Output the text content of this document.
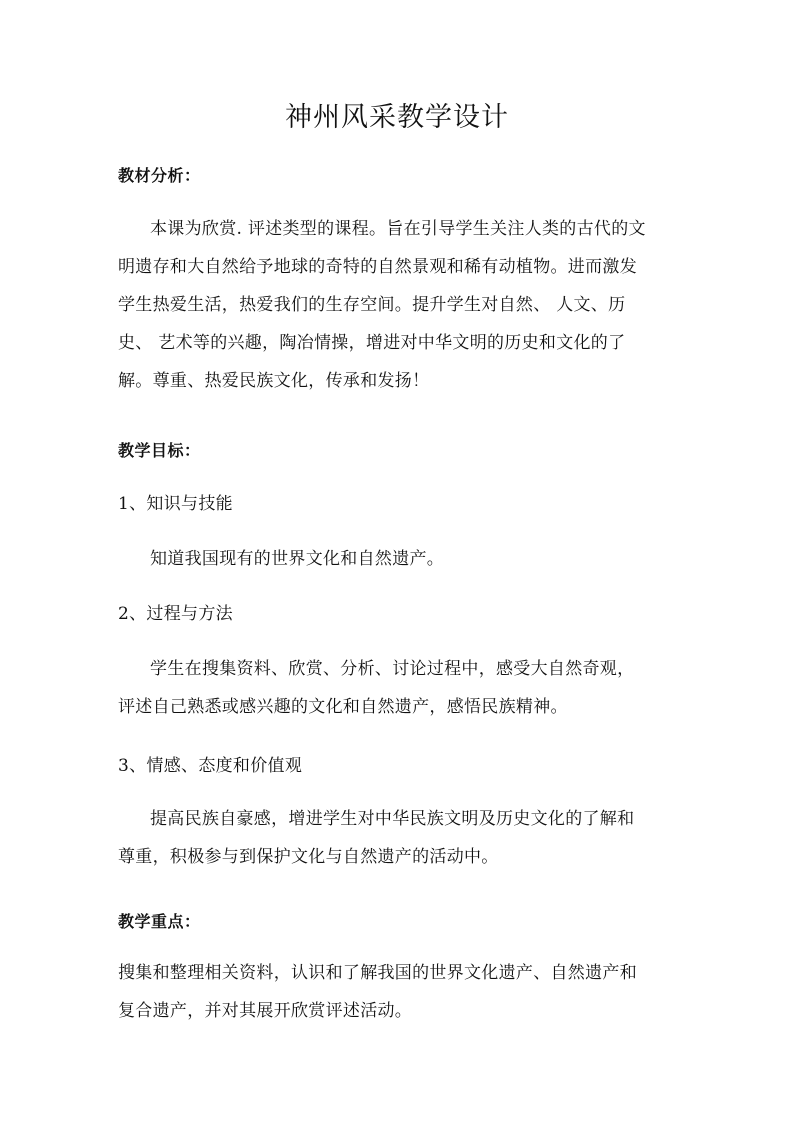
神州风采教学设计
教材分析：
本课为欣赏. 评述类型的课程。旨在引导学生关注人类的古代的文
明遗存和大自然给予地球的奇特的自然景观和稀有动植物。进而激发
学生热爱生活，热爱我们的生存空间。提升学生对自然、 人文、历
史、 艺术等的兴趣，陶冶情操，增进对中华文明的历史和文化的了
解。尊重、热爱民族文化，传承和发扬！
教学目标：
1、知识与技能
知道我国现有的世界文化和自然遗产。
2、过程与方法
学生在搜集资料、欣赏、分析、讨论过程中，感受大自然奇观，
评述自己熟悉或感兴趣的文化和自然遗产，感悟民族精神。
3、情感、态度和价值观
提高民族自豪感，增进学生对中华民族文明及历史文化的了解和
尊重，积极参与到保护文化与自然遗产的活动中。
教学重点：
搜集和整理相关资料，认识和了解我国的世界文化遗产、自然遗产和
复合遗产，并对其展开欣赏评述活动。
